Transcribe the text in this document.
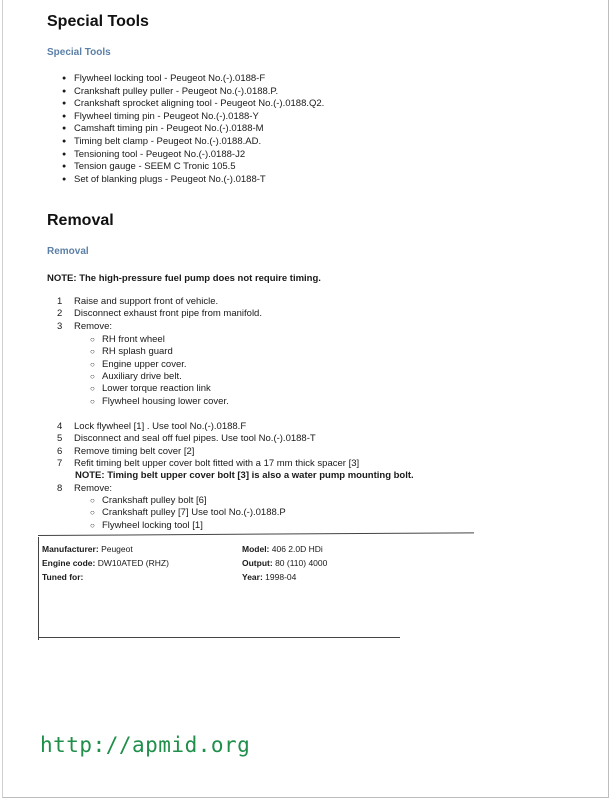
Special Tools
Special Tools
● Flywheel locking tool - Peugeot No.(-).0188-F
● Crankshaft pulley puller - Peugeot No.(-).0188.P.
● Crankshaft sprocket aligning tool - Peugeot No.(-).0188.Q2.
● Flywheel timing pin - Peugeot No.(-).0188-Y
● Camshaft timing pin - Peugeot No.(-).0188-M
● Timing belt clamp - Peugeot No.(-).0188.AD.
● Tensioning tool - Peugeot No.(-).0188-J2
● Tension gauge - SEEM C Tronic 105.5
● Set of blanking plugs - Peugeot No.(-).0188-T
Removal
Removal
NOTE: The high-pressure fuel pump does not require timing.
1 Raise and support front of vehicle.
2 Disconnect exhaust front pipe from manifold.
3 Remove:
○ RH front wheel
○ RH splash guard
○ Engine upper cover.
○ Auxiliary drive belt.
○ Lower torque reaction link
○ Flywheel housing lower cover.
4 Lock flywheel [1] . Use tool No.(-).0188.F
5 Disconnect and seal off fuel pipes. Use tool No.(-).0188-T
6 Remove timing belt cover [2]
7 Refit timing belt upper cover bolt fitted with a 17 mm thick spacer [3]
NOTE: Timing belt upper cover bolt [3] is also a water pump mounting bolt.
8 Remove:
○ Crankshaft pulley bolt [6]
○ Crankshaft pulley [7] Use tool No.(-).0188.P
○ Flywheel locking tool [1]
Manufacturer: Peugeot
Engine code: DW10ATED (RHZ)
Tuned for:
Model: 406 2.0D HDi
Output: 80 (110) 4000
Year: 1998-04
http://apmid.org
